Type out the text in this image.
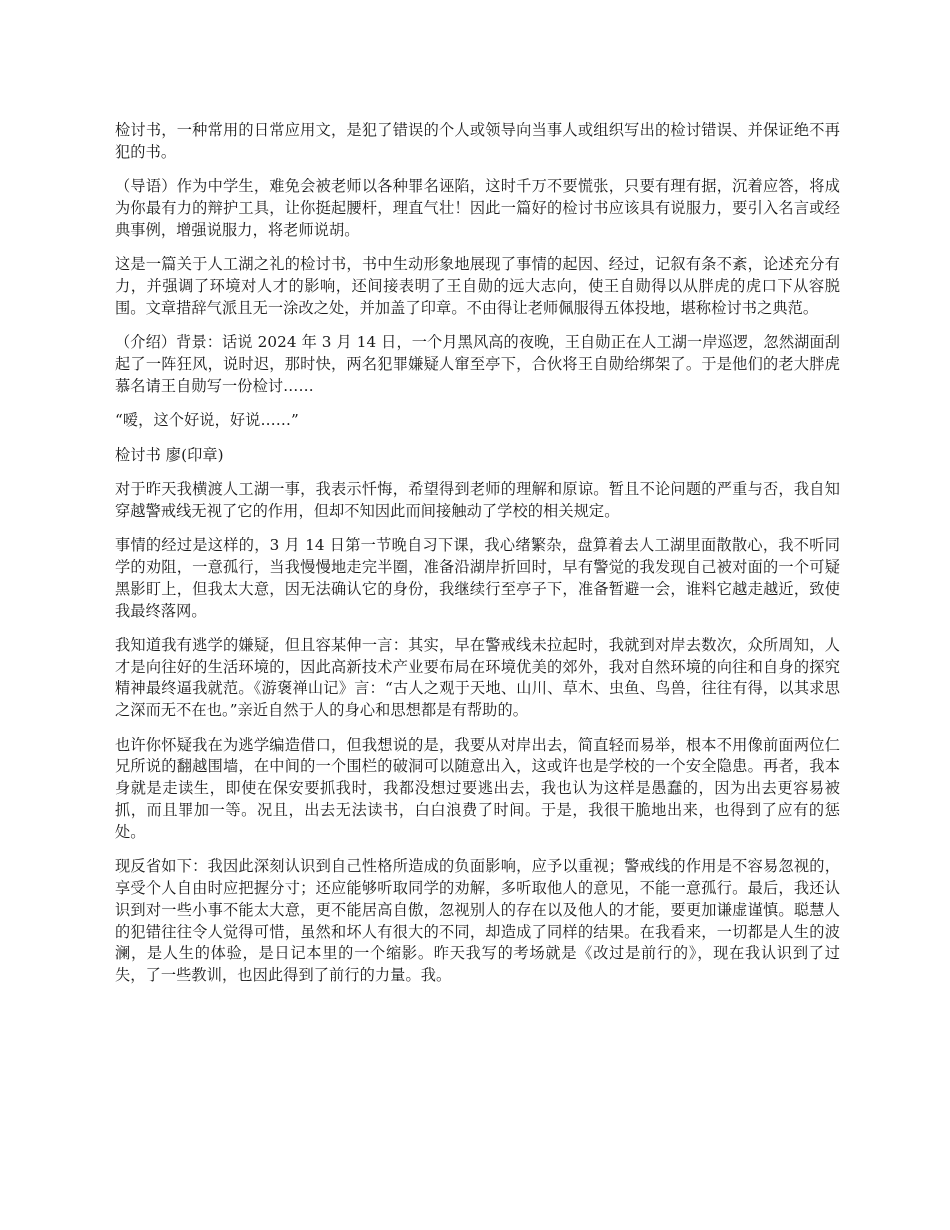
检讨书，一种常用的日常应用文，是犯了错误的个人或领导向当事人或组织写出的检讨错误、并保证绝不再犯的书。

（导语）作为中学生，难免会被老师以各种罪名诬陷，这时千万不要慌张，只要有理有据，沉着应答，将成为你最有力的辩护工具，让你挺起腰杆，理直气壮！因此一篇好的检讨书应该具有说服力，要引入名言或经典事例，增强说服力，将老师说胡。

这是一篇关于人工湖之礼的检讨书，书中生动形象地展现了事情的起因、经过，记叙有条不紊，论述充分有力，并强调了环境对人才的影响，还间接表明了王自勋的远大志向，使王自勋得以从胖虎的虎口下从容脱围。文章措辞气派且无一涂改之处，并加盖了印章。不由得让老师佩服得五体投地，堪称检讨书之典范。

（介绍）背景：话说 2024 年 3 月 14 日，一个月黑风高的夜晚，王自勋正在人工湖一岸巡逻，忽然湖面刮起了一阵狂风，说时迟，那时快，两名犯罪嫌疑人窜至亭下，合伙将王自勋给绑架了。于是他们的老大胖虎慕名请王自勋写一份检讨……

“嗳，这个好说，好说……”

检讨书 廖(印章)

对于昨天我横渡人工湖一事，我表示忏悔，希望得到老师的理解和原谅。暂且不论问题的严重与否，我自知穿越警戒线无视了它的作用，但却不知因此而间接触动了学校的相关规定。

事情的经过是这样的，3 月 14 日第一节晚自习下课，我心绪繁杂，盘算着去人工湖里面散散心，我不听同学的劝阻，一意孤行，当我慢慢地走完半圈，准备沿湖岸折回时，早有警觉的我发现自己被对面的一个可疑黑影盯上，但我太大意，因无法确认它的身份，我继续行至亭子下，准备暂避一会，谁料它越走越近，致使我最终落网。

我知道我有逃学的嫌疑，但且容某伸一言：其实，早在警戒线未拉起时，我就到对岸去数次，众所周知，人才是向往好的生活环境的，因此高新技术产业要布局在环境优美的郊外，我对自然环境的向往和自身的探究精神最终逼我就范。《游褒禅山记》言：“古人之观于天地、山川、草木、虫鱼、鸟兽，往往有得，以其求思之深而无不在也。”亲近自然于人的身心和思想都是有帮助的。

也许你怀疑我在为逃学编造借口，但我想说的是，我要从对岸出去，简直轻而易举，根本不用像前面两位仁兄所说的翻越围墙，在中间的一个围栏的破洞可以随意出入，这或许也是学校的一个安全隐患。再者，我本身就是走读生，即使在保安要抓我时，我都没想过要逃出去，我也认为这样是愚蠢的，因为出去更容易被抓，而且罪加一等。况且，出去无法读书，白白浪费了时间。于是，我很干脆地出来，也得到了应有的惩处。

现反省如下：我因此深刻认识到自己性格所造成的负面影响，应予以重视；警戒线的作用是不容易忽视的，享受个人自由时应把握分寸；还应能够听取同学的劝解，多听取他人的意见，不能一意孤行。最后，我还认识到对一些小事不能太大意，更不能居高自傲，忽视别人的存在以及他人的才能，要更加谦虚谨慎。聪慧人的犯错往往令人觉得可惜，虽然和坏人有很大的不同，却造成了同样的结果。在我看来，一切都是人生的波澜，是人生的体验，是日记本里的一个缩影。昨天我写的考场就是《改过是前行的》，现在我认识到了过失，了一些教训，也因此得到了前行的力量。我。
